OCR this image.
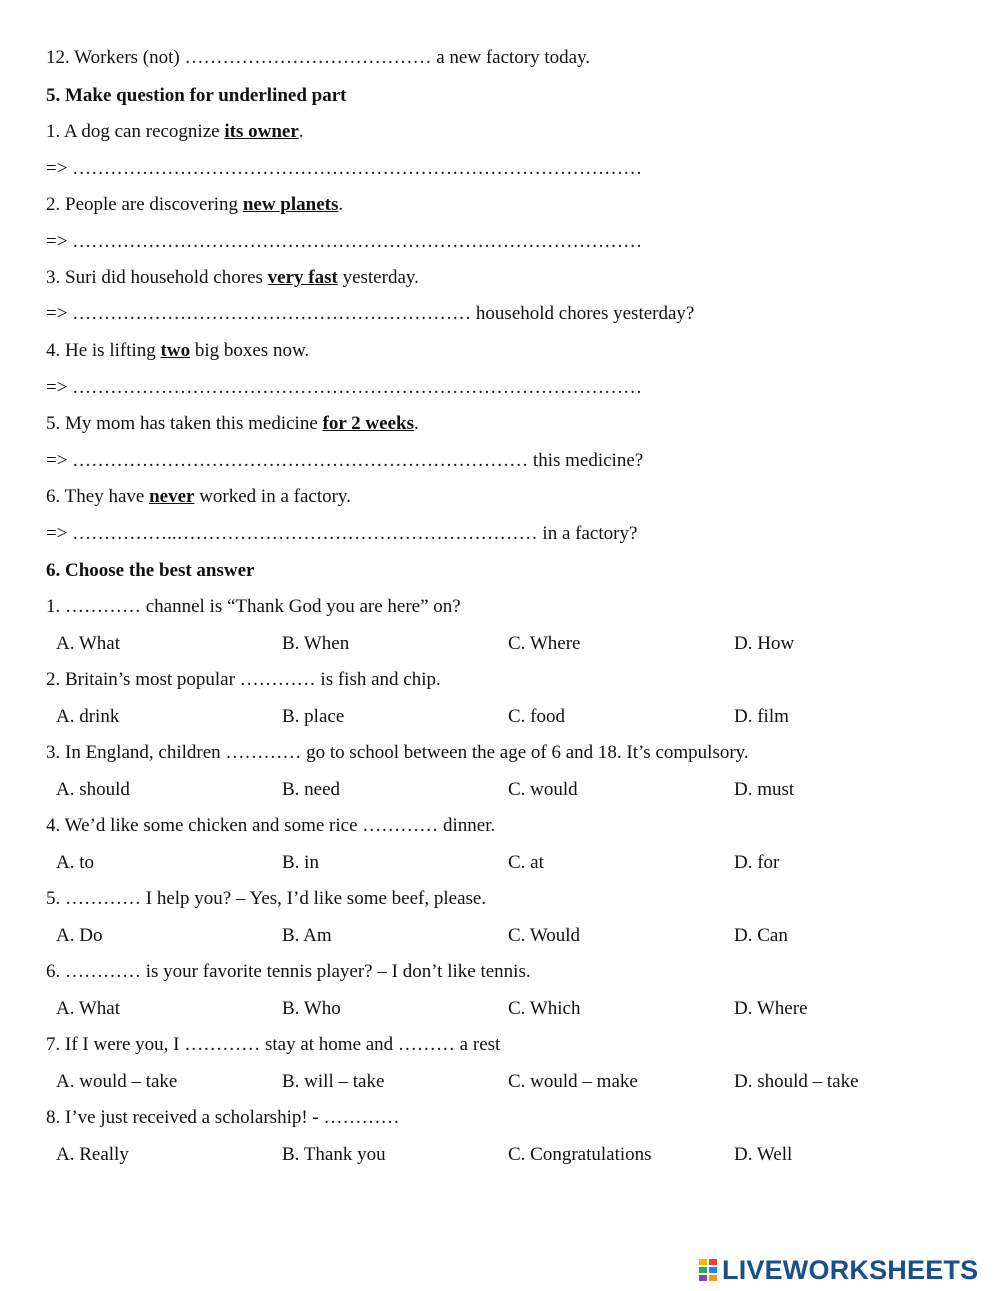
12. Workers (not) ………………………………… a new factory today.
5. Make question for underlined part
1. A dog can recognize its owner.
=> ………………………………………………………………………………
2. People are discovering new planets.
=> ………………………………………………………………………………
3. Suri did household chores very fast yesterday.
=> ……………………………………………………… household chores yesterday?
4. He is lifting two big boxes now.
=> ………………………………………………………………………………
5. My mom has taken this medicine for 2 weeks.
=> ……………………………………………………………… this medicine?
6. They have never worked in a factory.
=> ……………..………………………………………………… in a factory?
6. Choose the best answer
1. ………… channel is “Thank God you are here” on?
A. What	B. When	C. Where	D. How
2. Britain’s most popular ………… is fish and chip.
A. drink	B. place	C. food	D. film
3. In England, children ………… go to school between the age of 6 and 18. It’s compulsory.
A. should	B. need	C. would	D. must
4. We’d like some chicken and some rice ………… dinner.
A. to	B. in	C. at	D. for
5. ………… I help you? – Yes, I’d like some beef, please.
A. Do	B. Am	C. Would	D. Can
6. ………… is your favorite tennis player? – I don’t like tennis.
A. What	B. Who	C. Which	D. Where
7. If I were you, I ………… stay at home and ……… a rest
A. would – take	B. will – take	C. would – make	D. should – take
8. I’ve just received a scholarship! - …………
A. Really	B. Thank you	C. Congratulations	D. Well
LIVEWORKSHEETS
